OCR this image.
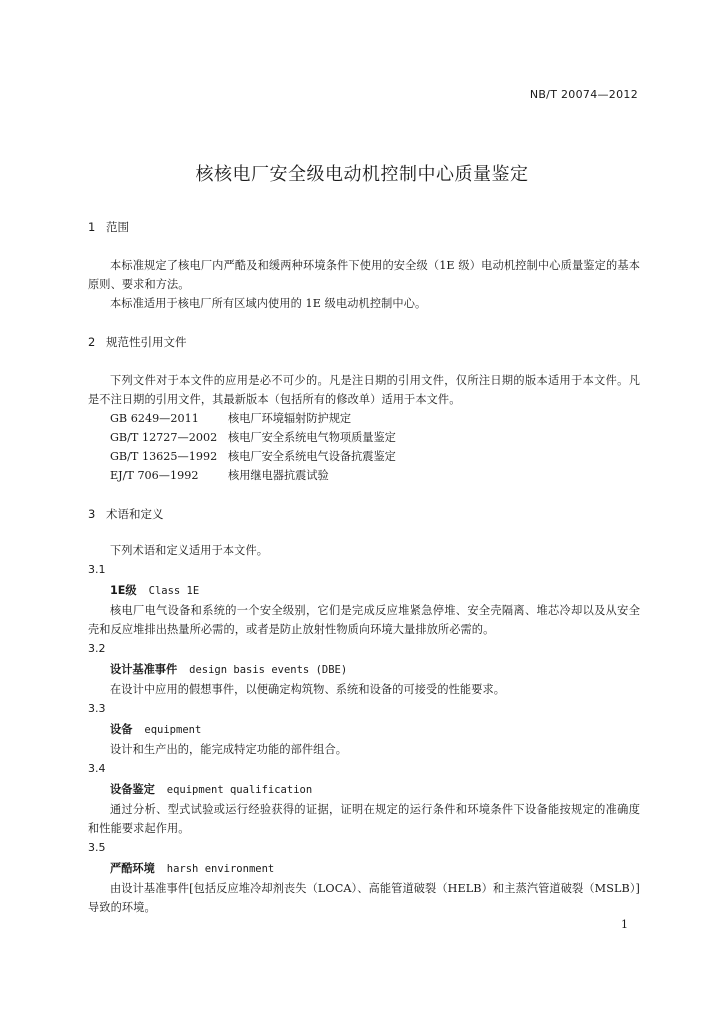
NB/T 20074—2012
核核电厂安全级电动机控制中心质量鉴定
1 范围
本标准规定了核电厂内严酷及和缓两种环境条件下使用的安全级（1E 级）电动机控制中心质量鉴定的基本原则、要求和方法。
本标准适用于核电厂所有区域内使用的 1E 级电动机控制中心。
2 规范性引用文件
下列文件对于本文件的应用是必不可少的。凡是注日期的引用文件，仅所注日期的版本适用于本文件。凡是不注日期的引用文件，其最新版本（包括所有的修改单）适用于本文件。
GB 6249—2011	核电厂环境辐射防护规定
GB/T 12727—2002 核电厂安全系统电气物项质量鉴定
GB/T 13625—1992 核电厂安全系统电气设备抗震鉴定
EJ/T 706—1992	核用继电器抗震试验
3 术语和定义
下列术语和定义适用于本文件。
3.1
1E级 Class 1E
核电厂电气设备和系统的一个安全级别，它们是完成反应堆紧急停堆、安全壳隔离、堆芯冷却以及从安全壳和反应堆排出热量所必需的，或者是防止放射性物质向环境大量排放所必需的。
3.2
设计基准事件 design basis events (DBE)
在设计中应用的假想事件，以便确定构筑物、系统和设备的可接受的性能要求。
3.3
设备 equipment
设计和生产出的，能完成特定功能的部件组合。
3.4
设备鉴定 equipment qualification
通过分析、型式试验或运行经验获得的证据，证明在规定的运行条件和环境条件下设备能按规定的准确度和性能要求起作用。
3.5
严酷环境 harsh environment
由设计基准事件[包括反应堆冷却剂丧失（LOCA）、高能管道破裂（HELB）和主蒸汽管道破裂（MSLB）]导致的环境。
1
